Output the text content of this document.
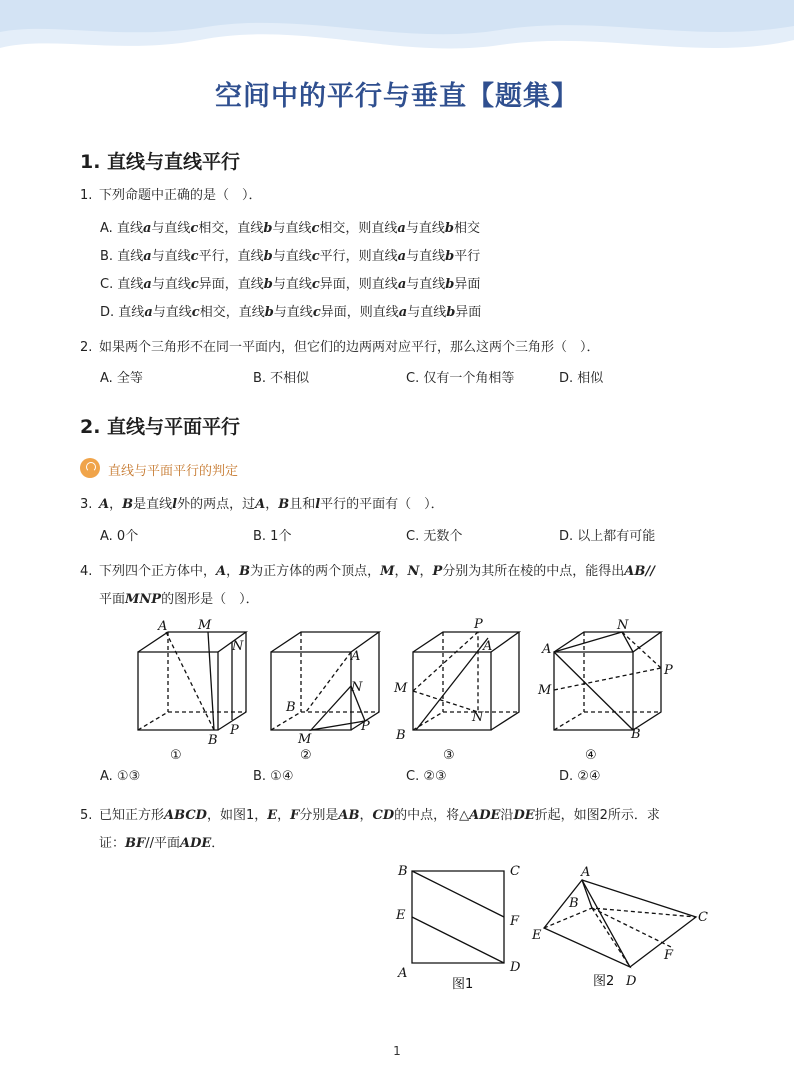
空间中的平行与垂直【题集】
1. 直线与直线平行
1. 下列命题中正确的是（　）．
A. 直线a与直线c相交，直线b与直线c相交，则直线a与直线b相交
B. 直线a与直线c平行，直线b与直线c平行，则直线a与直线b平行
C. 直线a与直线c异面，直线b与直线c异面，则直线a与直线b异面
D. 直线a与直线c相交，直线b与直线c异面，则直线a与直线b异面
2. 如果两个三角形不在同一平面内，但它们的边两两对应平行，那么这两个三角形（　）．
A. 全等	B. 不相似	C. 仅有一个角相等	D. 相似
2. 直线与平面平行
直线与平面平行的判定
3. A，B是直线l外的两点，过A，B且和l平行的平面有（　）．
A. 0个	B. 1个	C. 无数个	D. 以上都有可能
4. 下列四个正方体中，A，B为正方体的两个顶点，M，N，P分别为其所在棱的中点，能得出AB//
平面MNP的图形是（　）．
A M
N
B
P
A
N
B
M
P
P
A
M
N
B
N
A
P
M
B
①	②	③	④
A. ①③	B. ①④	C. ②③	D. ②④
5. 已知正方形ABCD，如图1，E，F分别是AB，CD的中点，将△ADE沿DE折起，如图2所示．求
证：BF//平面ADE．
B	C
E	F
A	D
A
B
C
E
F
D
图1	图2
1
